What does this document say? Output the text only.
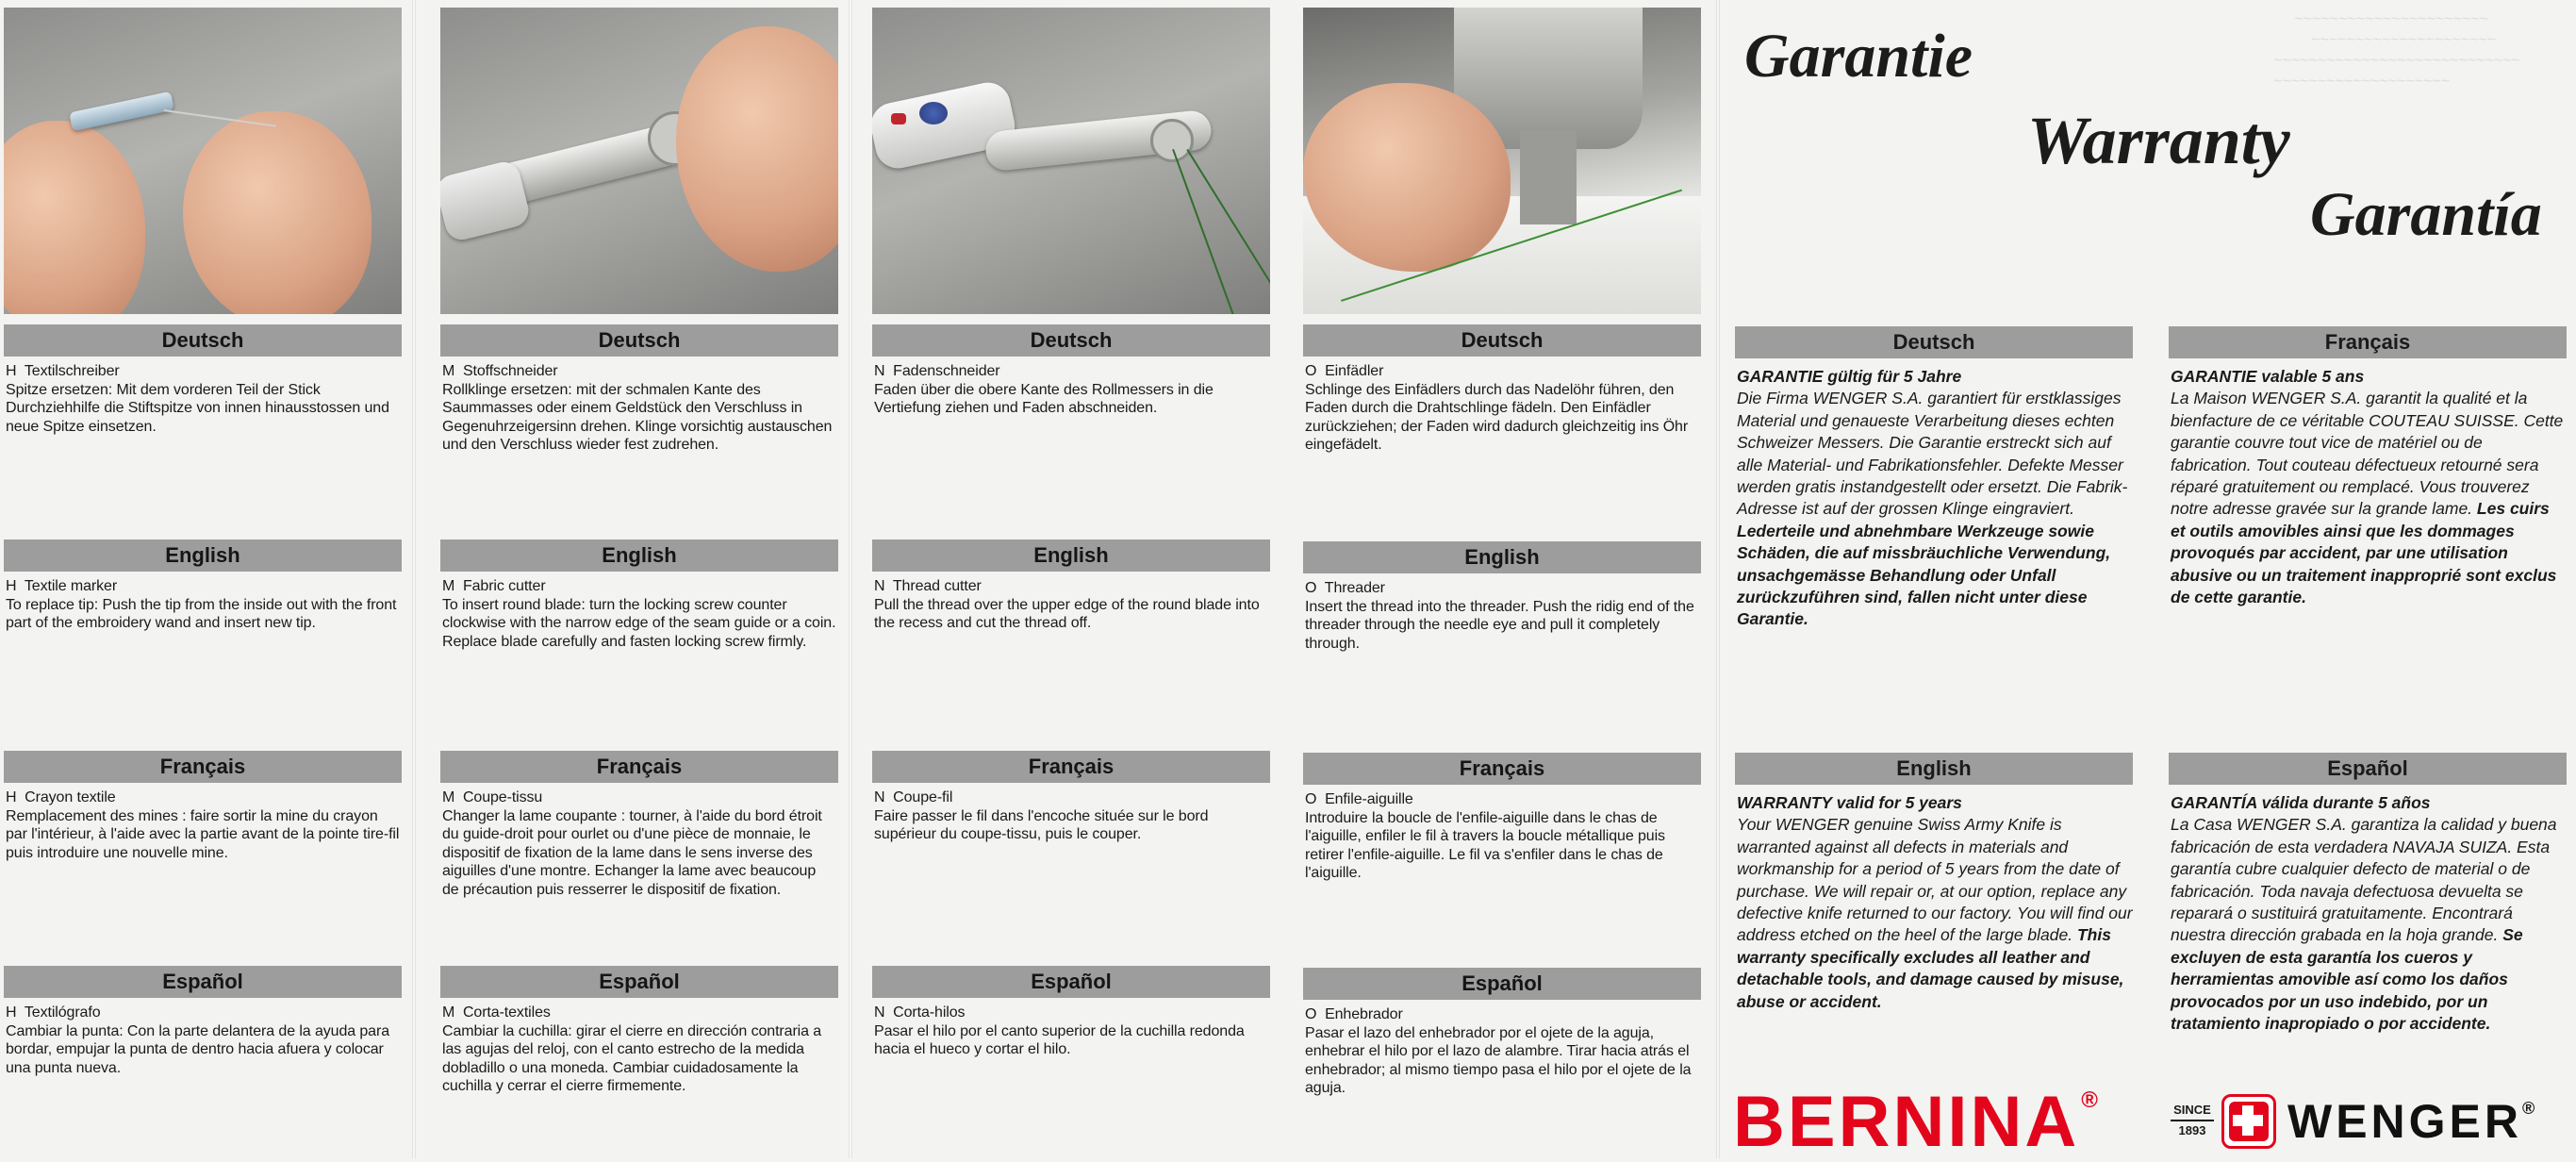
~~~~~~~~~~~~~~~~~~~~~~
~~~~~~~~~~~~~~~~~~~~~
~~~~~~~~~~~~~~~~~~~~~~~~~~~~
~~~~~~~~~~~~~~~~~~~~
Deutsch

H Textilschreiber
Spitze ersetzen: Mit dem vorderen Teil der Stick Durchziehhilfe die Stiftspitze von innen hinausstossen und neue Spitze einsetzen.

English

H Textile marker
To replace tip: Push the tip from the inside out with the front part of the embroidery wand and insert new tip.

Français

H Crayon textile
Remplacement des mines : faire sortir la mine du crayon par l'intérieur, à l'aide avec la partie avant de la pointe tire-fil puis introduire une nouvelle mine.

Español

H Textilógrafo
Cambiar la punta: Con la parte delantera de la ayuda para bordar, empujar la punta de dentro hacia afuera y colocar una punta nueva.

Deutsch

M Stoffschneider
Rollklinge ersetzen: mit der schmalen Kante des Saummasses oder einem Geldstück den Verschluss in Gegenuhrzeigersinn drehen. Klinge vorsichtig austauschen und den Verschluss wieder fest zudrehen.

English

M Fabric cutter
To insert round blade: turn the locking screw counter clockwise with the narrow edge of the seam guide or a coin. Replace blade carefully and fasten locking screw firmly.

Français

M Coupe-tissu
Changer la lame coupante : tourner, à l'aide du bord étroit du guide-droit pour ourlet ou d'une pièce de monnaie, le dispositif de fixation de la lame dans le sens inverse des aiguilles d'une montre. Echanger la lame avec beaucoup de précaution puis resserrer le dispositif de fixation.

Español

M Corta-textiles
Cambiar la cuchilla: girar el cierre en dirección contraria a las agujas del reloj, con el canto estrecho de la medida dobladillo o una moneda. Cambiar cuidadosamente la cuchilla y cerrar el cierre firmemente.

Deutsch

N Fadenschneider
Faden über die obere Kante des Rollmessers in die Vertiefung ziehen und Faden abschneiden.

English

N Thread cutter
Pull the thread over the upper edge of the round blade into the recess and cut the thread off.

Français

N Coupe-fil
Faire passer le fil dans l'encoche située sur le bord supérieur du coupe-tissu, puis le couper.

Español

N Corta-hilos
Pasar el hilo por el canto superior de la cuchilla redonda hacia el hueco y cortar el hilo.

Deutsch

O Einfädler
Schlinge des Einfädlers durch das Nadelöhr führen, den Faden durch die Drahtschlinge fädeln. Den Einfädler zurückziehen; der Faden wird dadurch gleichzeitig ins Öhr eingefädelt.

English

O Threader
Insert the thread into the threader. Push the ridig end of the threader through the needle eye and pull it completely through.

Français

O Enfile-aiguille
Introduire la boucle de l'enfile-aiguille dans le chas de l'aiguille, enfiler le fil à travers la boucle métallique puis retirer l'enfile-aiguille. Le fil va s'enfiler dans le chas de l'aiguille.

Español

O Enhebrador
Pasar el lazo del enhebrador por el ojete de la aguja, enhebrar el hilo por el lazo de alambre. Tirar hacia atrás el enhebrador; al mismo tiempo pasa el hilo por el ojete de la aguja.

Garantie
Warranty
Garantía
Deutsch

GARANTIE gültig für 5 Jahre
Die Firma WENGER S.A. garantiert für erstklassiges Material und genaueste Verarbeitung dieses echten Schweizer Messers. Die Garantie erstreckt sich auf alle Material- und Fabrikationsfehler. Defekte Messer werden gratis instandgestellt oder ersetzt. Die Fabrik-Adresse ist auf der grossen Klinge eingraviert. Lederteile und abnehmbare Werkzeuge sowie Schäden, die auf missbräuchliche Verwendung, unsachgemässe Behandlung oder Unfall zurückzuführen sind, fallen nicht unter diese Garantie.

Français

GARANTIE valable 5 ans
La Maison WENGER S.A. garantit la qualité et la bienfacture de ce véritable COUTEAU SUISSE. Cette garantie couvre tout vice de matériel ou de fabrication. Tout couteau défectueux retourné sera réparé gratuitement ou remplacé. Vous trouverez notre adresse gravée sur la grande lame. Les cuirs et outils amovibles ainsi que les dommages provoqués par accident, par une utilisation abusive ou un traitement inapproprié sont exclus de cette garantie.

English

WARRANTY valid for 5 years
Your WENGER genuine Swiss Army Knife is warranted against all defects in materials and workmanship for a period of 5 years from the date of purchase. We will repair or, at our option, replace any defective knife returned to our factory. You will find our address etched on the heel of the large blade. This warranty specifically excludes all leather and detachable tools, and damage caused by misuse, abuse or accident.

Español

GARANTÍA válida durante 5 años
La Casa WENGER S.A. garantiza la calidad y buena fabricación de esta verdadera NAVAJA SUIZA. Esta garantía cubre cualquier defecto de material o de fabricación. Toda navaja defectuosa devuelta se reparará o sustituirá gratuitamente. Encontrará nuestra dirección grabada en la hoja grande. Se excluyen de esta garantía los cueros y herramientas amovible así como los daños provocados por un uso indebido, por un tratamiento inapropiado o por accidente.

BERNINA®	SINCE
1893 WENGER®
